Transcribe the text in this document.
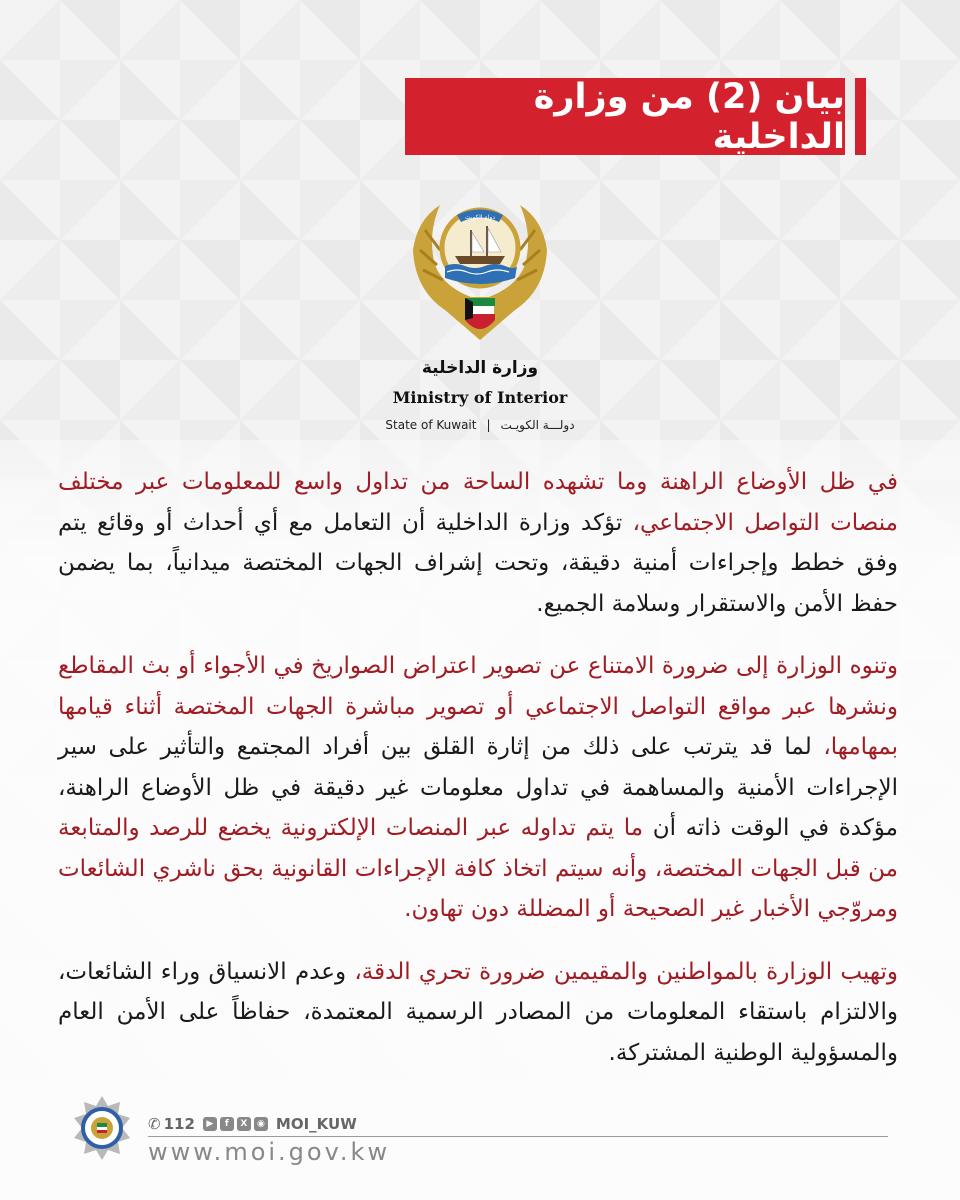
بيان (2) من وزارة الداخلية
دولة الكويت
وزارة الداخلية
Ministry of Interior
State of Kuwait | دولـــة الكويـت

في ظل الأوضاع الراهنة وما تشهده الساحة من تداول واسع للمعلومات عبر مختلف منصات التواصل الاجتماعي، تؤكد وزارة الداخلية أن التعامل مع أي أحداث أو وقائع يتم وفق خطط وإجراءات أمنية دقيقة، وتحت إشراف الجهات المختصة ميدانياً، بما يضمن حفظ الأمن والاستقرار وسلامة الجميع.

وتنوه الوزارة إلى ضرورة الامتناع عن تصوير اعتراض الصواريخ في الأجواء أو بث المقاطع ونشرها عبر مواقع التواصل الاجتماعي أو تصوير مباشرة الجهات المختصة أثناء قيامها بمهامها، لما قد يترتب على ذلك من إثارة القلق بين أفراد المجتمع والتأثير على سير الإجراءات الأمنية والمساهمة في تداول معلومات غير دقيقة في ظل الأوضاع الراهنة، مؤكدة في الوقت ذاته أن ما يتم تداوله عبر المنصات الإلكترونية يخضع للرصد والمتابعة من قبل الجهات المختصة، وأنه سيتم اتخاذ كافة الإجراءات القانونية بحق ناشري الشائعات ومروّجي الأخبار غير الصحيحة أو المضللة دون تهاون.

وتهيب الوزارة بالمواطنين والمقيمين ضرورة تحري الدقة، وعدم الانسياق وراء الشائعات، والالتزام باستقاء المعلومات من المصادر الرسمية المعتمدة، حفاظاً على الأمن العام والمسؤولية الوطنية المشتركة.

✆ 112	▶	f	X	◉ MOI_KUW
www.moi.gov.kw
